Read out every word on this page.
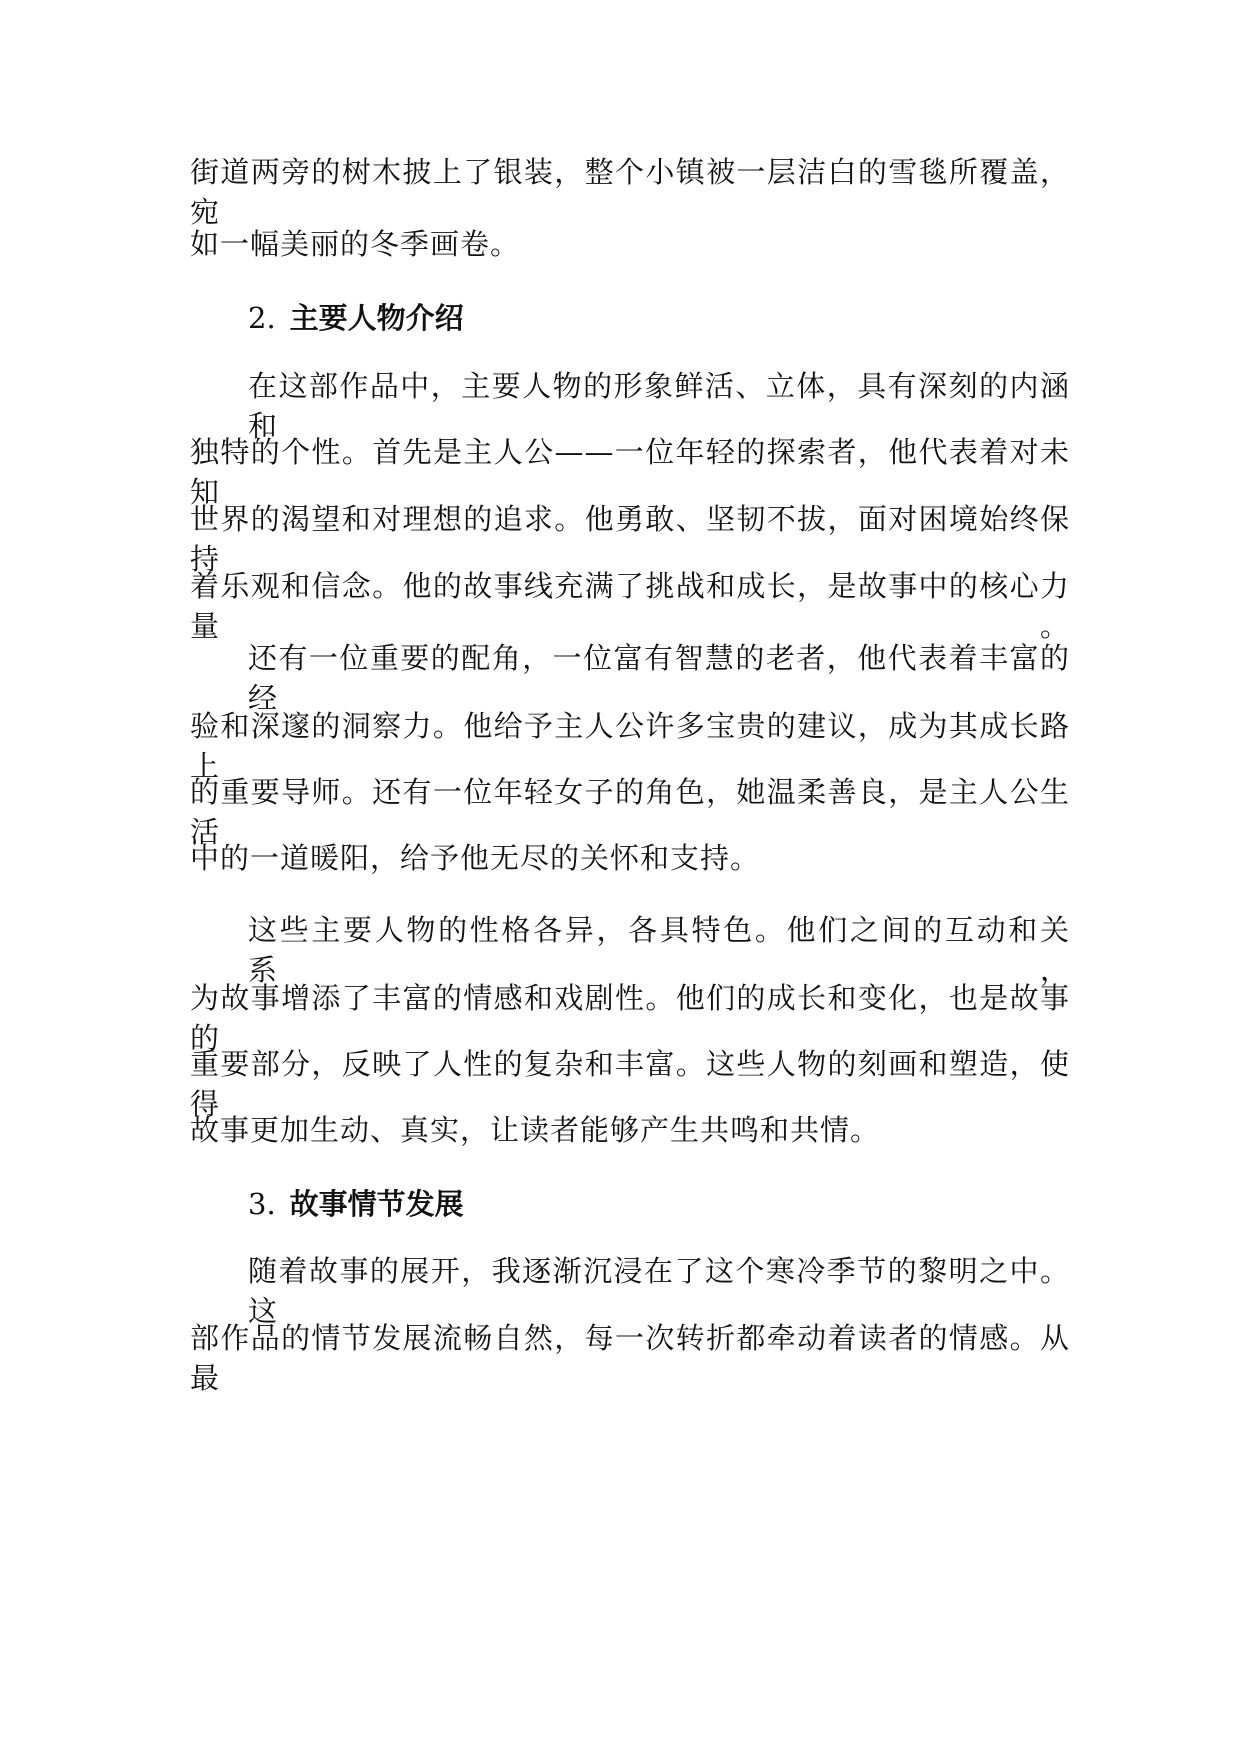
街道两旁的树木披上了银装，整个小镇被一层洁白的雪毯所覆盖，宛
如一幅美丽的冬季画卷。
2. 主要人物介绍
在这部作品中，主要人物的形象鲜活、立体，具有深刻的内涵和
独特的个性。首先是主人公——一位年轻的探索者，他代表着对未知
世界的渴望和对理想的追求。他勇敢、坚韧不拔，面对困境始终保持
着乐观和信念。他的故事线充满了挑战和成长，是故事中的核心力量。
还有一位重要的配角，一位富有智慧的老者，他代表着丰富的经
验和深邃的洞察力。他给予主人公许多宝贵的建议，成为其成长路上
的重要导师。还有一位年轻女子的角色，她温柔善良，是主人公生活
中的一道暖阳，给予他无尽的关怀和支持。
这些主要人物的性格各异，各具特色。他们之间的互动和关系，
为故事增添了丰富的情感和戏剧性。他们的成长和变化，也是故事的
重要部分，反映了人性的复杂和丰富。这些人物的刻画和塑造，使得
故事更加生动、真实，让读者能够产生共鸣和共情。
3. 故事情节发展
随着故事的展开，我逐渐沉浸在了这个寒冷季节的黎明之中。这
部作品的情节发展流畅自然，每一次转折都牵动着读者的情感。从最
